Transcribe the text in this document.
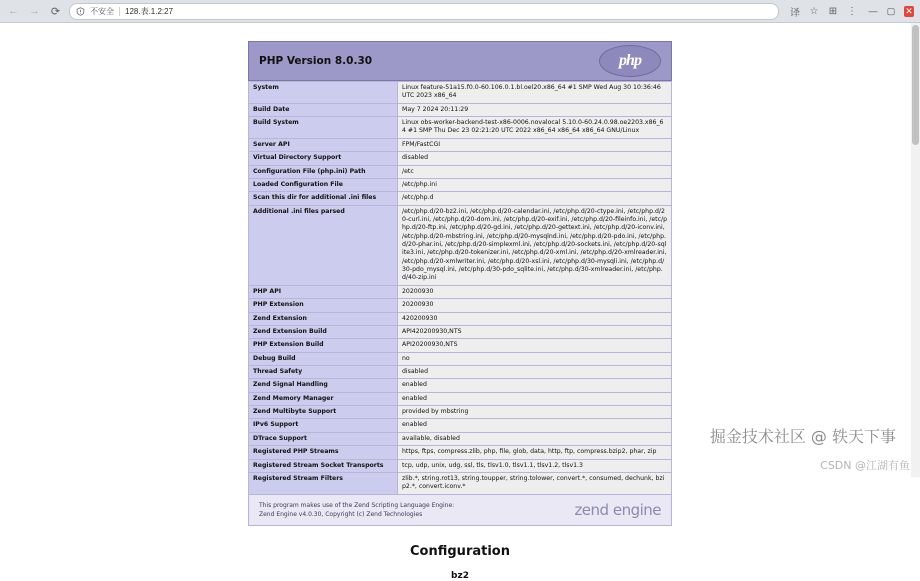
← → ⟳	不安全 128.表.1.2:27	译 ☆ ⊞ ⋮ — ▢ ✕
PHP Version 8.0.30	php
System	Linux feature-51a15.f0.0-60.106.0.1.bl.oel20.x86_64 #1 SMP Wed Aug 30 10:36:46 UTC 2023 x86_64
Build Date	May 7 2024 20:11:29
Build System	Linux obs-worker-backend-test-x86-0006.novalocal 5.10.0-60.24.0.98.oe2203.x86_64 #1 SMP Thu Dec 23 02:21:20 UTC 2022 x86_64 x86_64 x86_64 GNU/Linux
Server API	FPM/FastCGI
Virtual Directory Support	disabled
Configuration File (php.ini) Path	/etc
Loaded Configuration File	/etc/php.ini
Scan this dir for additional .ini files	/etc/php.d
Additional .ini files parsed	/etc/php.d/20-bz2.ini, /etc/php.d/20-calendar.ini, /etc/php.d/20-ctype.ini, /etc/php.d/20-curl.ini, /etc/php.d/20-dom.ini, /etc/php.d/20-exif.ini, /etc/php.d/20-fileinfo.ini, /etc/php.d/20-ftp.ini, /etc/php.d/20-gd.ini, /etc/php.d/20-gettext.ini, /etc/php.d/20-iconv.ini, /etc/php.d/20-mbstring.ini, /etc/php.d/20-mysqlnd.ini, /etc/php.d/20-pdo.ini, /etc/php.d/20-phar.ini, /etc/php.d/20-simplexml.ini, /etc/php.d/20-sockets.ini, /etc/php.d/20-sqlite3.ini, /etc/php.d/20-tokenizer.ini, /etc/php.d/20-xml.ini, /etc/php.d/20-xmlreader.ini, /etc/php.d/20-xmlwriter.ini, /etc/php.d/20-xsl.ini, /etc/php.d/30-mysqli.ini, /etc/php.d/30-pdo_mysql.ini, /etc/php.d/30-pdo_sqlite.ini, /etc/php.d/30-xmlreader.ini, /etc/php.d/40-zip.ini
PHP API	20200930
PHP Extension	20200930
Zend Extension	420200930
Zend Extension Build	API420200930,NTS
PHP Extension Build	API20200930,NTS
Debug Build	no
Thread Safety	disabled
Zend Signal Handling	enabled
Zend Memory Manager	enabled
Zend Multibyte Support	provided by mbstring
IPv6 Support	enabled
DTrace Support	available, disabled
Registered PHP Streams	https, ftps, compress.zlib, php, file, glob, data, http, ftp, compress.bzip2, phar, zip
Registered Stream Socket Transports	tcp, udp, unix, udg, ssl, tls, tlsv1.0, tlsv1.1, tlsv1.2, tlsv1.3
Registered Stream Filters	zlib.*, string.rot13, string.toupper, string.tolower, convert.*, consumed, dechunk, bzip2.*, convert.iconv.*
This program makes use of the Zend Scripting Language Engine:
Zend Engine v4.0.30, Copyright (c) Zend Technologies	zend engine
Configuration
bz2
掘金技术社区 @ 轶天下事
CSDN @江湖有鱼
